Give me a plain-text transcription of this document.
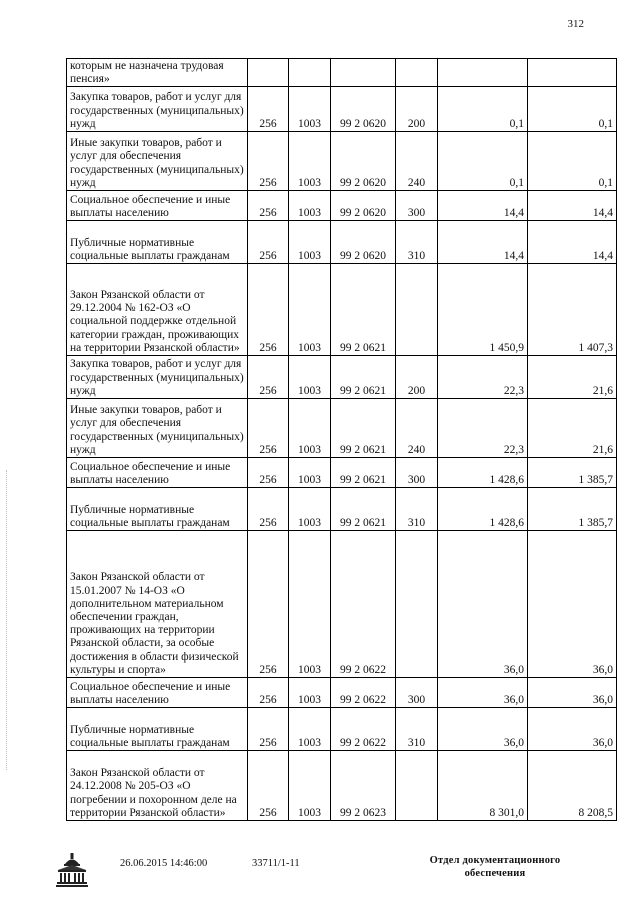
312
которым не назначена трудовая пенсия»						
Закупка товаров, работ и услуг для государственных (муниципальных) нужд	256	1003	99 2 0620	200	0,1	0,1
Иные закупки товаров, работ и услуг для обеспечения государственных (муниципальных) нужд	256	1003	99 2 0620	240	0,1	0,1
Социальное обеспечение и иные выплаты населению	256	1003	99 2 0620	300	14,4	14,4
Публичные нормативные социальные выплаты гражданам	256	1003	99 2 0620	310	14,4	14,4
Закон Рязанской области от 29.12.2004 № 162-ОЗ «О социальной поддержке отдельной категории граждан, проживающих на территории Рязанской области»	256	1003	99 2 0621		1 450,9	1 407,3
Закупка товаров, работ и услуг для государственных (муниципальных) нужд	256	1003	99 2 0621	200	22,3	21,6
Иные закупки товаров, работ и услуг для обеспечения государственных (муниципальных) нужд	256	1003	99 2 0621	240	22,3	21,6
Социальное обеспечение и иные выплаты населению	256	1003	99 2 0621	300	1 428,6	1 385,7
Публичные нормативные социальные выплаты гражданам	256	1003	99 2 0621	310	1 428,6	1 385,7
Закон Рязанской области от 15.01.2007 № 14-ОЗ «О дополнительном материальном обеспечении граждан, проживающих на территории Рязанской области, за особые достижения в области физической культуры и спорта»	256	1003	99 2 0622		36,0	36,0
Социальное обеспечение и иные выплаты населению	256	1003	99 2 0622	300	36,0	36,0
Публичные нормативные социальные выплаты гражданам	256	1003	99 2 0622	310	36,0	36,0
Закон Рязанской области от 24.12.2008 № 205-ОЗ «О погребении и похоронном деле на территории Рязанской области»	256	1003	99 2 0623		8 301,0	8 208,5
26.06.2015 14:46:00	33711/1-11	Отдел документационного
обеспечения
